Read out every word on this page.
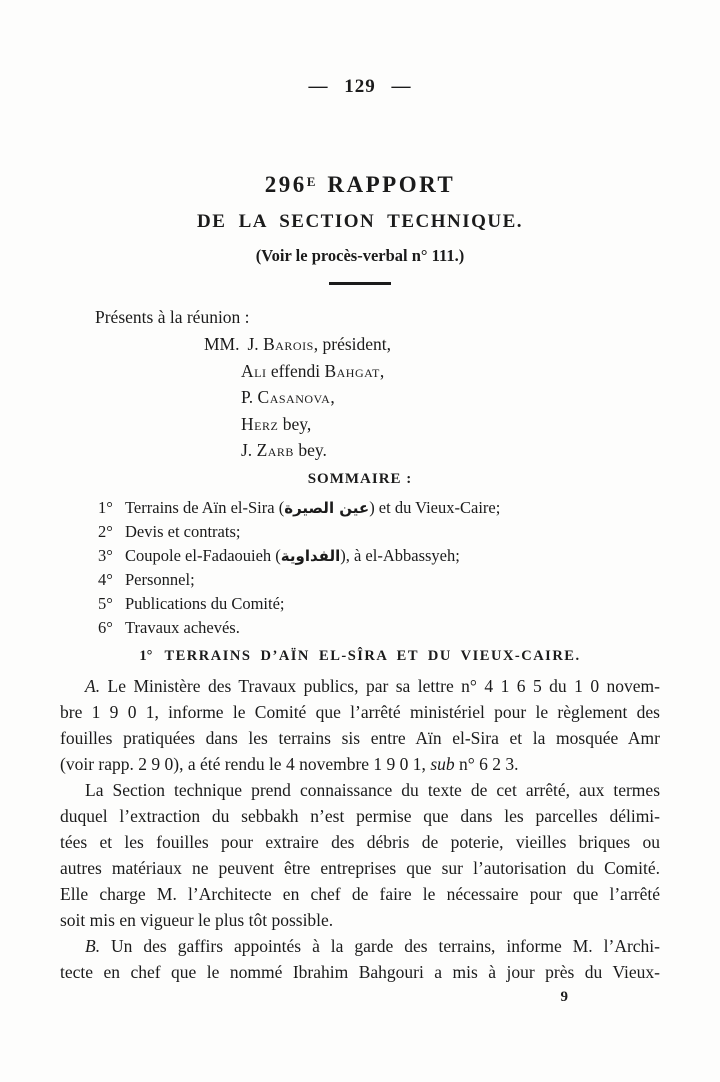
— 129 —
$296^E$ RAPPORT
DE LA SECTION TECHNIQUE.
(Voir le procès-verbal n° 111.)
Présents à la réunion :
MM. J. Barois, président,
Ali effendi Bahgat,
P. Casanova,
Herz bey,
J. Zarb bey.
SOMMAIRE :
1° Terrains de Aïn el-Sira (عين الصيرة) et du Vieux-Caire;
2° Devis et contrats;
3° Coupole el-Fadaouieh (الفداوية), à el-Abbassyeh;
4° Personnel;
5° Publications du Comité;
6° Travaux achevés.
1° TERRAINS D’AÏN EL-SÎRA ET DU VIEUX-CAIRE.
A. Le Ministère des Travaux publics, par sa lettre n° 4 1 6 5 du 1 0 novem-
bre 1 9 0 1, informe le Comité que l’arrêté ministériel pour le règlement des
fouilles pratiquées dans les terrains sis entre Aïn el-Sira et la mosquée Amr
(voir rapp. 2 9 0), a été rendu le 4 novembre 1 9 0 1, sub n° 6 2 3.
La Section technique prend connaissance du texte de cet arrêté, aux termes
duquel l’extraction du sebbakh n’est permise que dans les parcelles délimi-
tées et les fouilles pour extraire des débris de poterie, vieilles briques ou
autres matériaux ne peuvent être entreprises que sur l’autorisation du Comité.
Elle charge M. l’Architecte en chef de faire le nécessaire pour que l’arrêté
soit mis en vigueur le plus tôt possible.
B. Un des gaffirs appointés à la garde des terrains, informe M. l’Archi-
tecte en chef que le nommé Ibrahim Bahgouri a mis à jour près du Vieux-
9
